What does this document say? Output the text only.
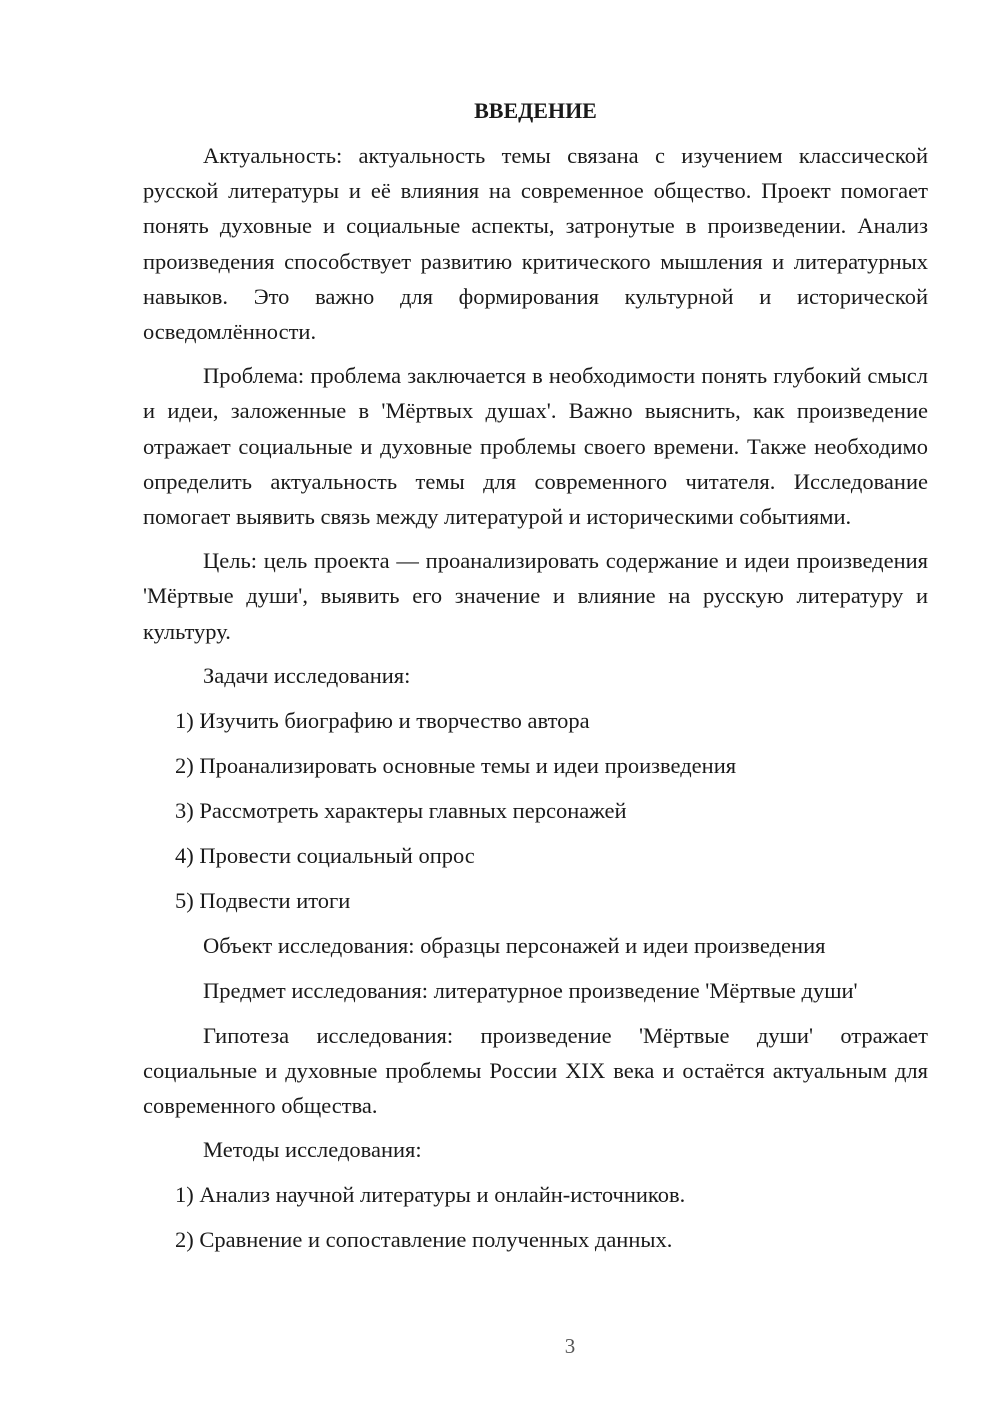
ВВЕДЕНИЕ
Актуальность: актуальность темы связана с изучением классической русской литературы и её влияния на современное общество. Проект помогает понять духовные и социальные аспекты, затронутые в произведении. Анализ произведения способствует развитию критического мышления и литературных навыков. Это важно для формирования культурной и исторической осведомлённости.
Проблема: проблема заключается в необходимости понять глубокий смысл и идеи, заложенные в 'Мёртвых душах'. Важно выяснить, как произведение отражает социальные и духовные проблемы своего времени. Также необходимо определить актуальность темы для современного читателя. Исследование помогает выявить связь между литературой и историческими событиями.
Цель: цель проекта — проанализировать содержание и идеи произведения 'Мёртвые души', выявить его значение и влияние на русскую литературу и культуру.
Задачи исследования:
1) Изучить биографию и творчество автора
2) Проанализировать основные темы и идеи произведения
3) Рассмотреть характеры главных персонажей
4) Провести социальный опрос
5) Подвести итоги
Объект исследования: образцы персонажей и идеи произведения
Предмет исследования: литературное произведение 'Мёртвые души'
Гипотеза исследования: произведение 'Мёртвые души' отражает социальные и духовные проблемы России XIX века и остаётся актуальным для современного общества.
Методы исследования:
1) Анализ научной литературы и онлайн-источников.
2) Сравнение и сопоставление полученных данных.
3
